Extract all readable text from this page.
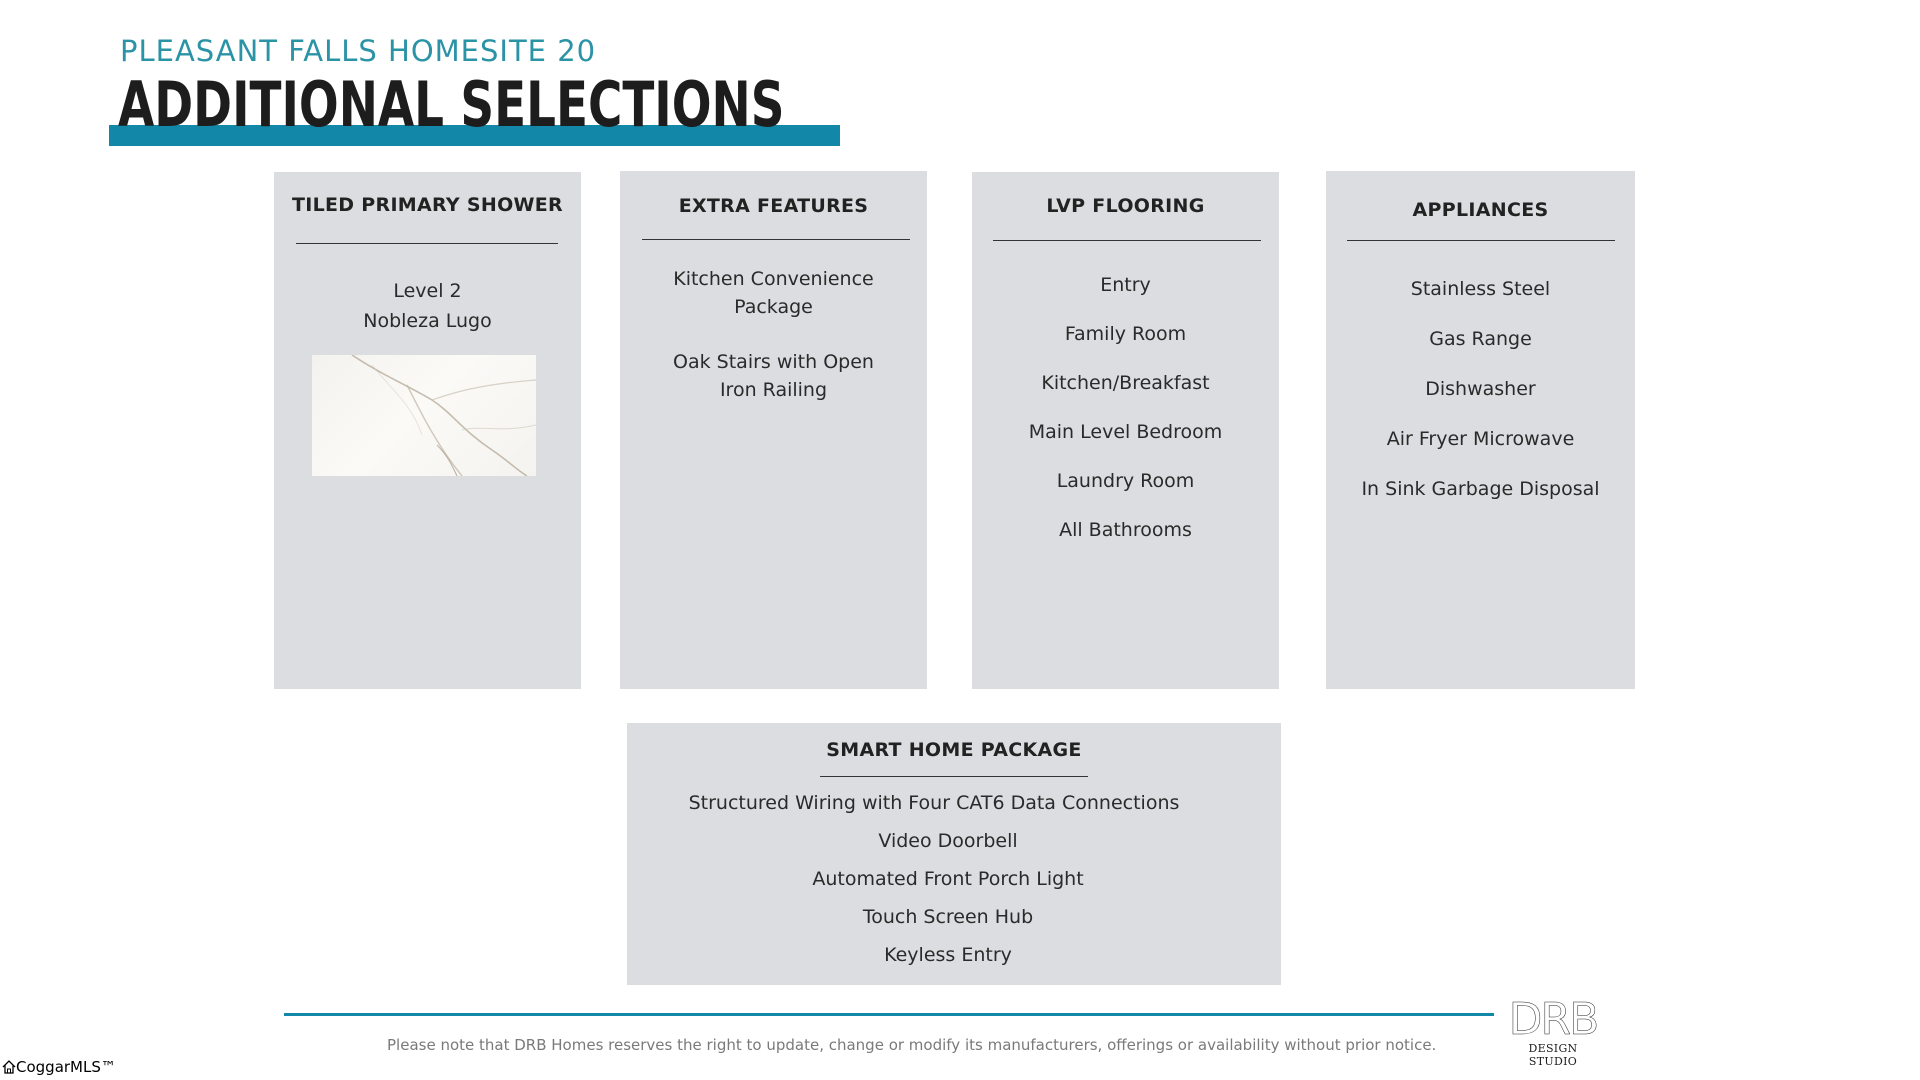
PLEASANT FALLS HOMESITE 20
ADDITIONAL SELECTIONS
TILED PRIMARY SHOWER
Level 2
Nobleza Lugo
EXTRA FEATURES
Kitchen Convenience Package
Oak Stairs with Open Iron Railing
LVP FLOORING
Entry
Family Room
Kitchen/Breakfast
Main Level Bedroom
Laundry Room
All Bathrooms
APPLIANCES
Stainless Steel
Gas Range
Dishwasher
Air Fryer Microwave
In Sink Garbage Disposal
SMART HOME PACKAGE
Structured Wiring with Four CAT6 Data Connections
Video Doorbell
Automated Front Porch Light
Touch Screen Hub
Keyless Entry
Please note that DRB Homes reserves the right to update, change or modify its manufacturers, offerings or availability without prior notice. DRB
DESIGN STUDIO
CoggarMLS™
